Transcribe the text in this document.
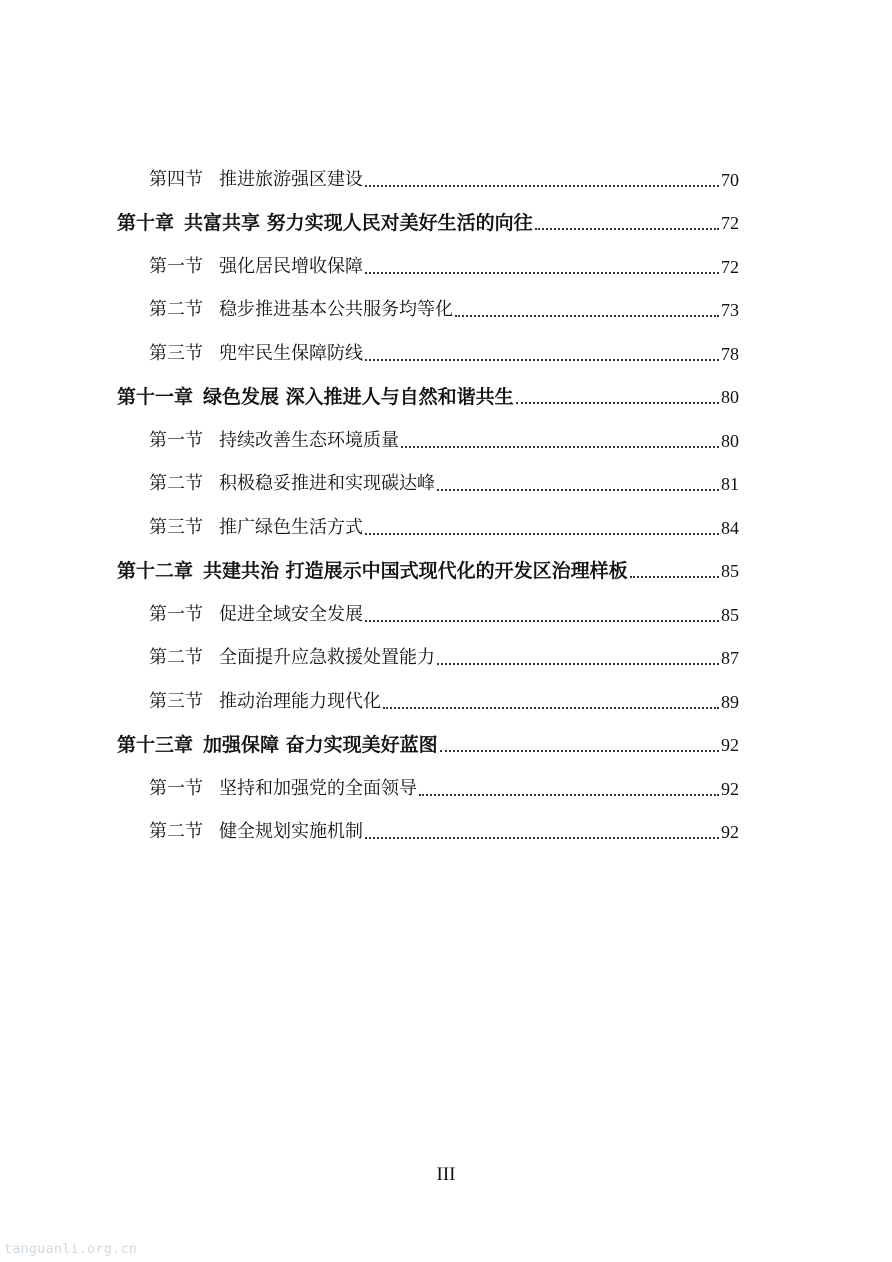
第四节 推进旅游强区建设	70
第十章 共富共享 努力实现人民对美好生活的向往	72
第一节 强化居民增收保障	72
第二节 稳步推进基本公共服务均等化	73
第三节 兜牢民生保障防线	78
第十一章 绿色发展 深入推进人与自然和谐共生	80
第一节 持续改善生态环境质量	80
第二节 积极稳妥推进和实现碳达峰	81
第三节 推广绿色生活方式	84
第十二章 共建共治 打造展示中国式现代化的开发区治理样板	85
第一节 促进全域安全发展	85
第二节 全面提升应急救援处置能力	87
第三节 推动治理能力现代化	89
第十三章 加强保障 奋力实现美好蓝图	92
第一节 坚持和加强党的全面领导	92
第二节 健全规划实施机制	92
III
tanguanli.org.cn
